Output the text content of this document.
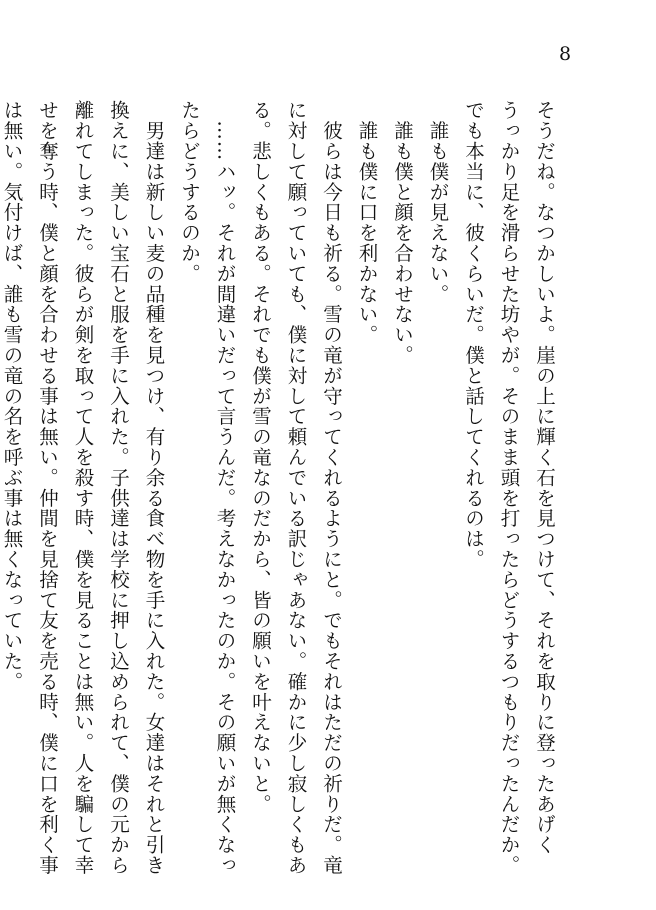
8

そうだね。なつかしいよ。崖の上に輝く石を見つけて、それを取りに登ったあげく

うっかり足を滑らせた坊やが。そのまま頭を打ったらどうするつもりだったんだか。

でも本当に、彼くらいだ。僕と話してくれるのは。

　誰も僕が見えない。

　誰も僕と顔を合わせない。

　誰も僕に口を利かない。

　彼らは今日も祈る。雪の竜が守ってくれるようにと。でもそれはただの祈りだ。竜

に対して願っていても、僕に対して頼んでいる訳じゃあない。確かに少し寂しくもあ

る。悲しくもある。それでも僕が雪の竜なのだから、皆の願いを叶えないと。

　……ハッ。それが間違いだって言うんだ。考えなかったのか。その願いが無くなっ

たらどうするのか。

　男達は新しい麦の品種を見つけ、有り余る食べ物を手に入れた。女達はそれと引き

換えに、美しい宝石と服を手に入れた。子供達は学校に押し込められて、僕の元から

離れてしまった。彼らが剣を取って人を殺す時、僕を見ることは無い。人を騙して幸

せを奪う時、僕と顔を合わせる事は無い。仲間を見捨て友を売る時、僕に口を利く事

は無い。気付けば、誰も雪の竜の名を呼ぶ事は無くなっていた。
